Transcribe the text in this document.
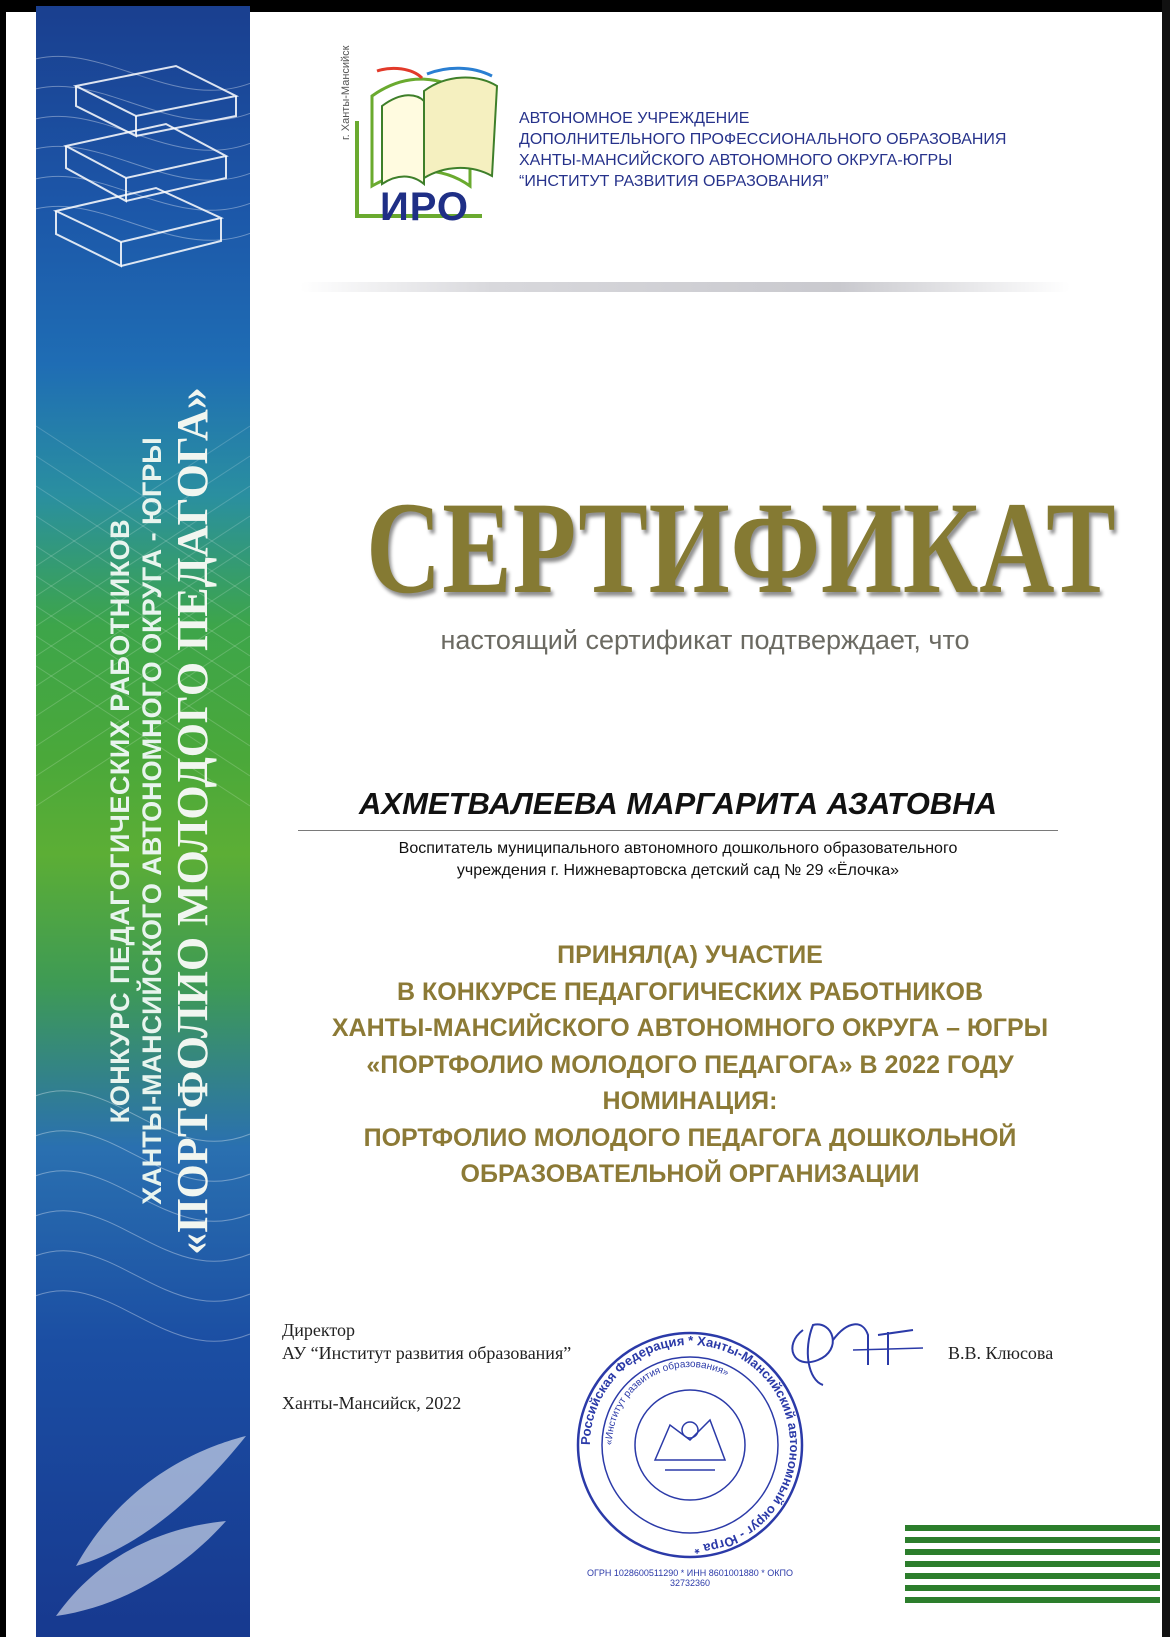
КОНКУРС ПЕДАГОГИЧЕСКИХ РАБОТНИКОВ ХАНТЫ-МАНСИЙСКОГО АВТОНОМНОГО ОКРУГА - ЮГРЫ «ПОРТФОЛИО МОЛОДОГО ПЕДАГОГА»
г. Ханты-Мансийск
ИРО
АВТОНОМНОЕ УЧРЕЖДЕНИЕ
ДОПОЛНИТЕЛЬНОГО ПРОФЕССИОНАЛЬНОГО ОБРАЗОВАНИЯ
ХАНТЫ-МАНСИЙСКОГО АВТОНОМНОГО ОКРУГА-ЮГРЫ
“ИНСТИТУТ РАЗВИТИЯ ОБРАЗОВАНИЯ”
СЕРТИФИКАТ
настоящий сертификат подтверждает, что
АХМЕТВАЛЕЕВА МАРГАРИТА АЗАТОВНА
Воспитатель муниципального автономного дошкольного образовательного
учреждения г. Нижневартовска детский сад № 29 «Ёлочка»
ПРИНЯЛ(А) УЧАСТИЕ
В КОНКУРСЕ ПЕДАГОГИЧЕСКИХ РАБОТНИКОВ
ХАНТЫ-МАНСИЙСКОГО АВТОНОМНОГО ОКРУГА – ЮГРЫ
«ПОРТФОЛИО МОЛОДОГО ПЕДАГОГА» В 2022 ГОДУ
НОМИНАЦИЯ:
ПОРТФОЛИО МОЛОДОГО ПЕДАГОГА ДОШКОЛЬНОЙ
ОБРАЗОВАТЕЛЬНОЙ ОРГАНИЗАЦИИ
Директор
АУ “Институт развития образования”	В.В. Клюсова
Ханты-Мансийск, 2022
Российская Федерация * Ханты-Мансийский автономный округ - Югра *
«Институт развития образования»
ОГРН 1028600511290 * ИНН 8601001880 * ОКПО 32732360
